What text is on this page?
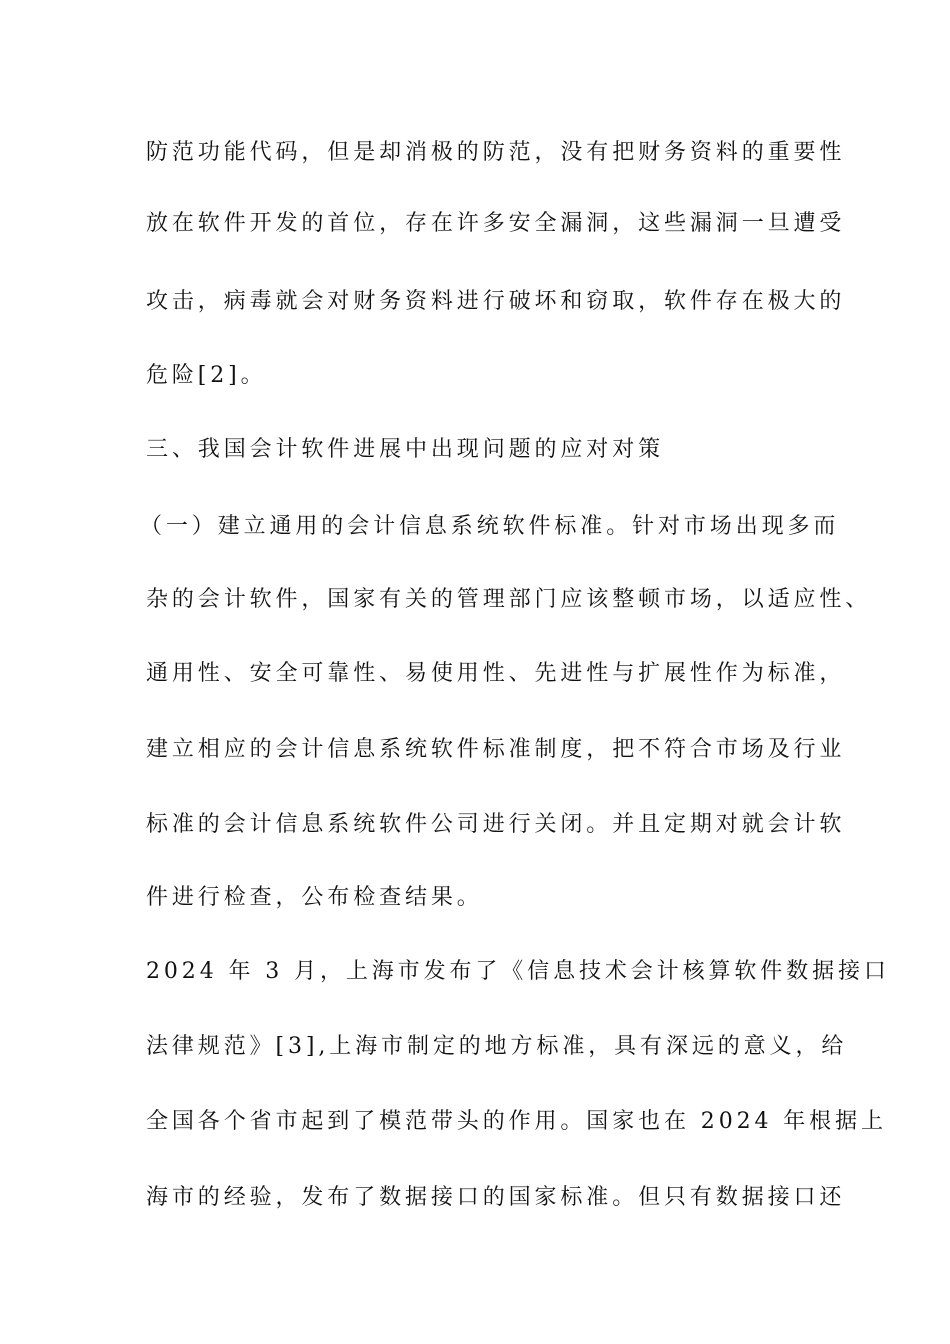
防范功能代码，但是却消极的防范，没有把财务资料的重要性
放在软件开发的首位，存在许多安全漏洞，这些漏洞一旦遭受
攻击，病毒就会对财务资料进行破坏和窃取，软件存在极大的
危险[2]。
三、我国会计软件进展中出现问题的应对对策
（一）建立通用的会计信息系统软件标准。针对市场出现多而
杂的会计软件，国家有关的管理部门应该整顿市场，以适应性、
通用性、安全可靠性、易使用性、先进性与扩展性作为标准，
建立相应的会计信息系统软件标准制度，把不符合市场及行业
标准的会计信息系统软件公司进行关闭。并且定期对就会计软
件进行检查，公布检查结果。
2024 年 3 月，上海市发布了《信息技术会计核算软件数据接口
法律规范》[3],上海市制定的地方标准，具有深远的意义，给
全国各个省市起到了模范带头的作用。国家也在 2024 年根据上
海市的经验，发布了数据接口的国家标准。但只有数据接口还
